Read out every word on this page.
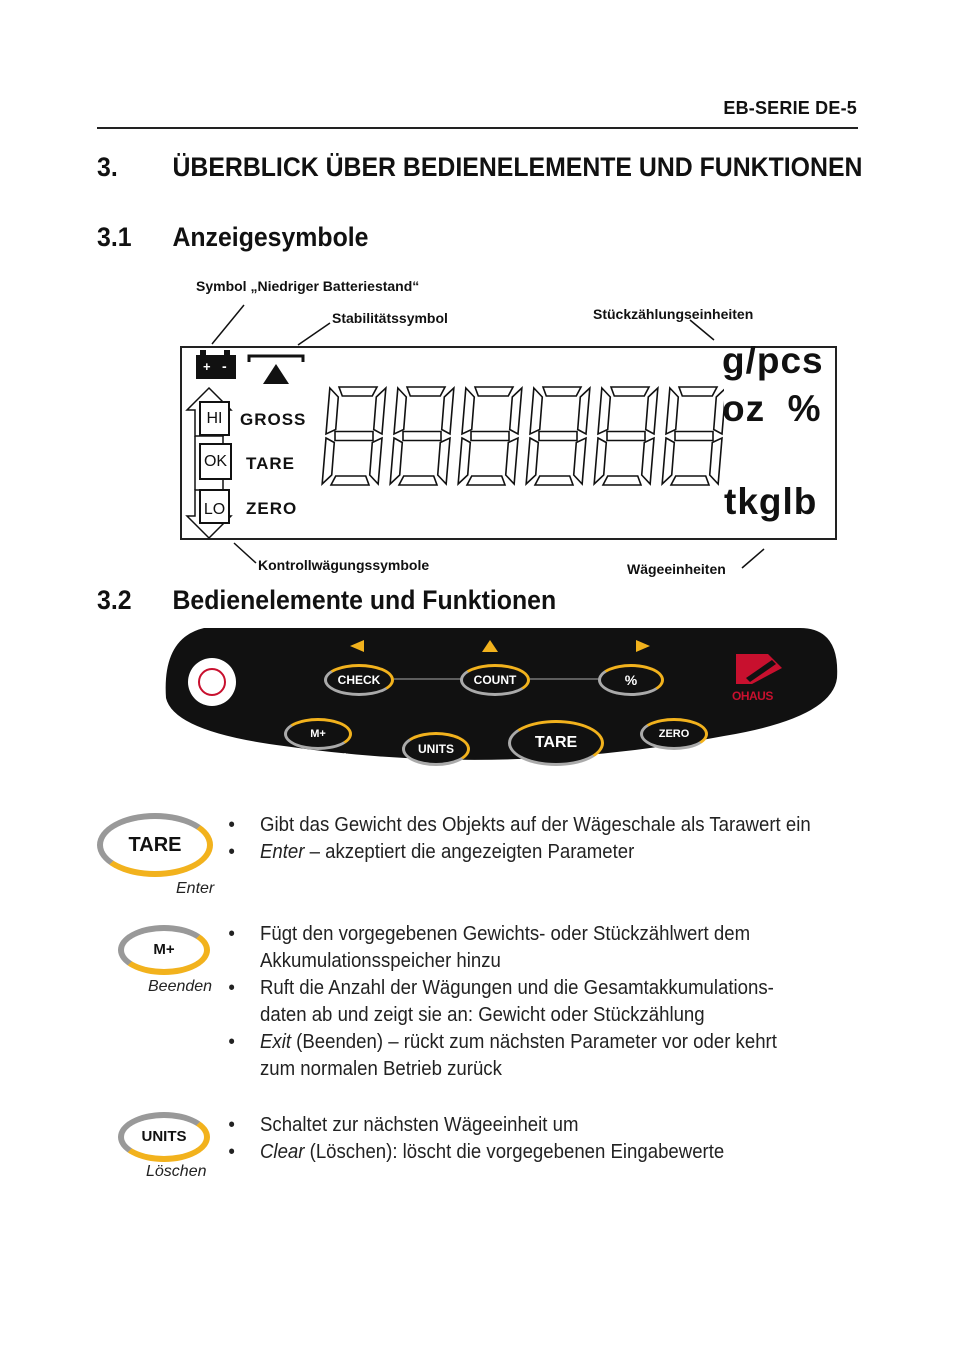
EB-SERIE DE-5
3. ÜBERBLICK ÜBER BEDIENELEMENTE UND FUNKTIONEN
3.1 Anzeigesymbole
Symbol „Niedriger Batteriestand“
Stabilitätssymbol	Stückzählungseinheiten
Kontrollwägungssymbole	Wägeeinheiten
+ -
HI
OK
LO
GROSS
TARE
ZERO
g/pcs
oz  %
tkglb
3.2 Bedienelemente und Funktionen
CHECK	COUNT	%
M+
Exit
UNITS
Clear
TARE
Enter
ZERO
OHAUS
TARE
Enter
• Gibt das Gewicht des Objekts auf der Wägeschale als Tarawert ein
• Enter – akzeptiert die angezeigten Parameter
M+
Beenden
• Fügt den vorgegebenen Gewichts- oder Stückzählwert dem
Akkumulationsspeicher hinzu
• Ruft die Anzahl der Wägungen und die Gesamtakkumulations-
daten ab und zeigt sie an: Gewicht oder Stückzählung
• Exit (Beenden) – rückt zum nächsten Parameter vor oder kehrt
zum normalen Betrieb zurück
UNITS
Löschen
• Schaltet zur nächsten Wägeeinheit um
• Clear (Löschen): löscht die vorgegebenen Eingabewerte
